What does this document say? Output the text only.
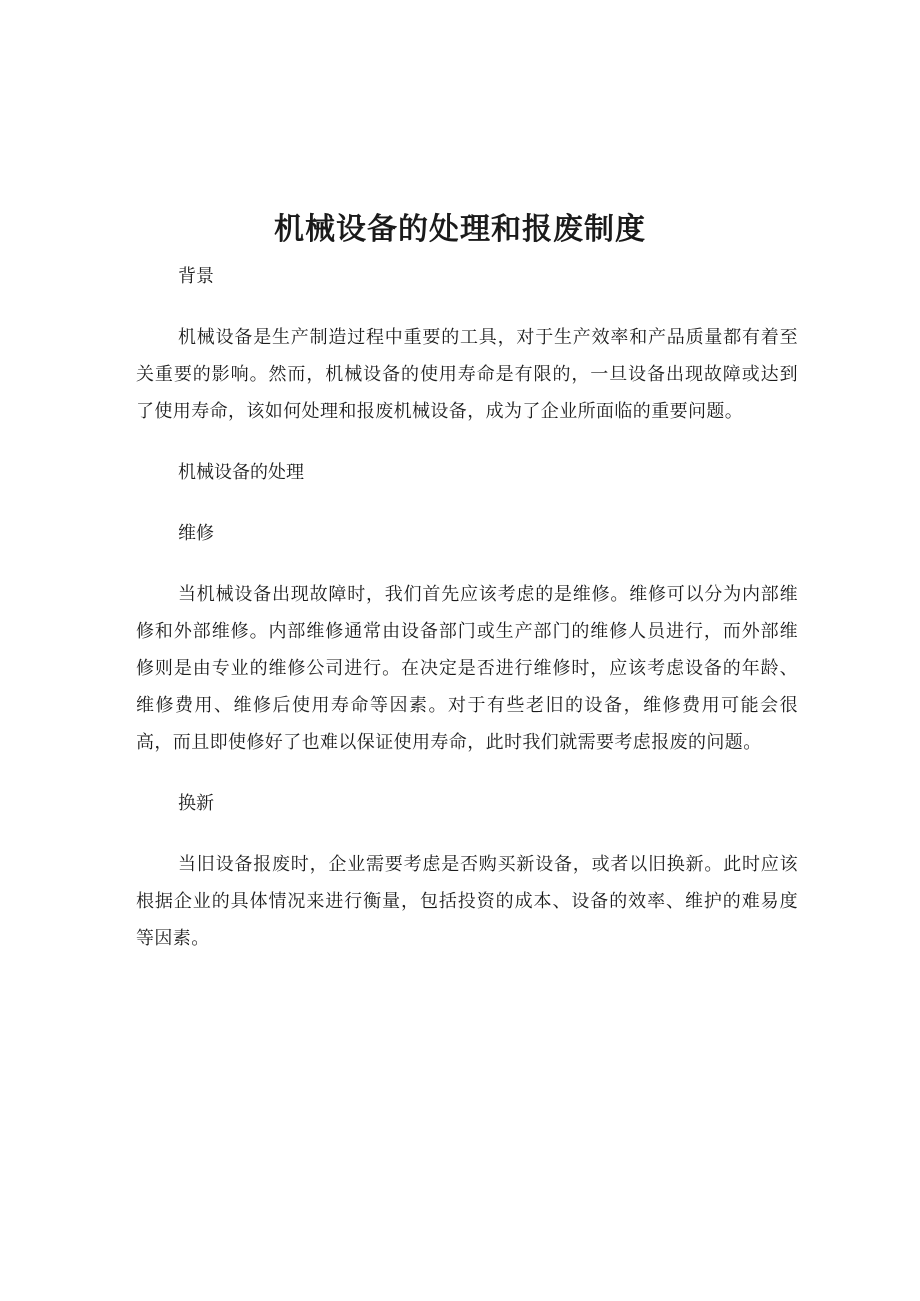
机械设备的处理和报废制度

背景

机械设备是生产制造过程中重要的工具，对于生产效率和产品质量都有着至关重要的影响。然而，机械设备的使用寿命是有限的，一旦设备出现故障或达到了使用寿命，该如何处理和报废机械设备，成为了企业所面临的重要问题。

机械设备的处理

维修

当机械设备出现故障时，我们首先应该考虑的是维修。维修可以分为内部维修和外部维修。内部维修通常由设备部门或生产部门的维修人员进行，而外部维修则是由专业的维修公司进行。在决定是否进行维修时，应该考虑设备的年龄、维修费用、维修后使用寿命等因素。对于有些老旧的设备，维修费用可能会很高，而且即使修好了也难以保证使用寿命，此时我们就需要考虑报废的问题。

换新

当旧设备报废时，企业需要考虑是否购买新设备，或者以旧换新。此时应该根据企业的具体情况来进行衡量，包括投资的成本、设备的效率、维护的难易度等因素。
